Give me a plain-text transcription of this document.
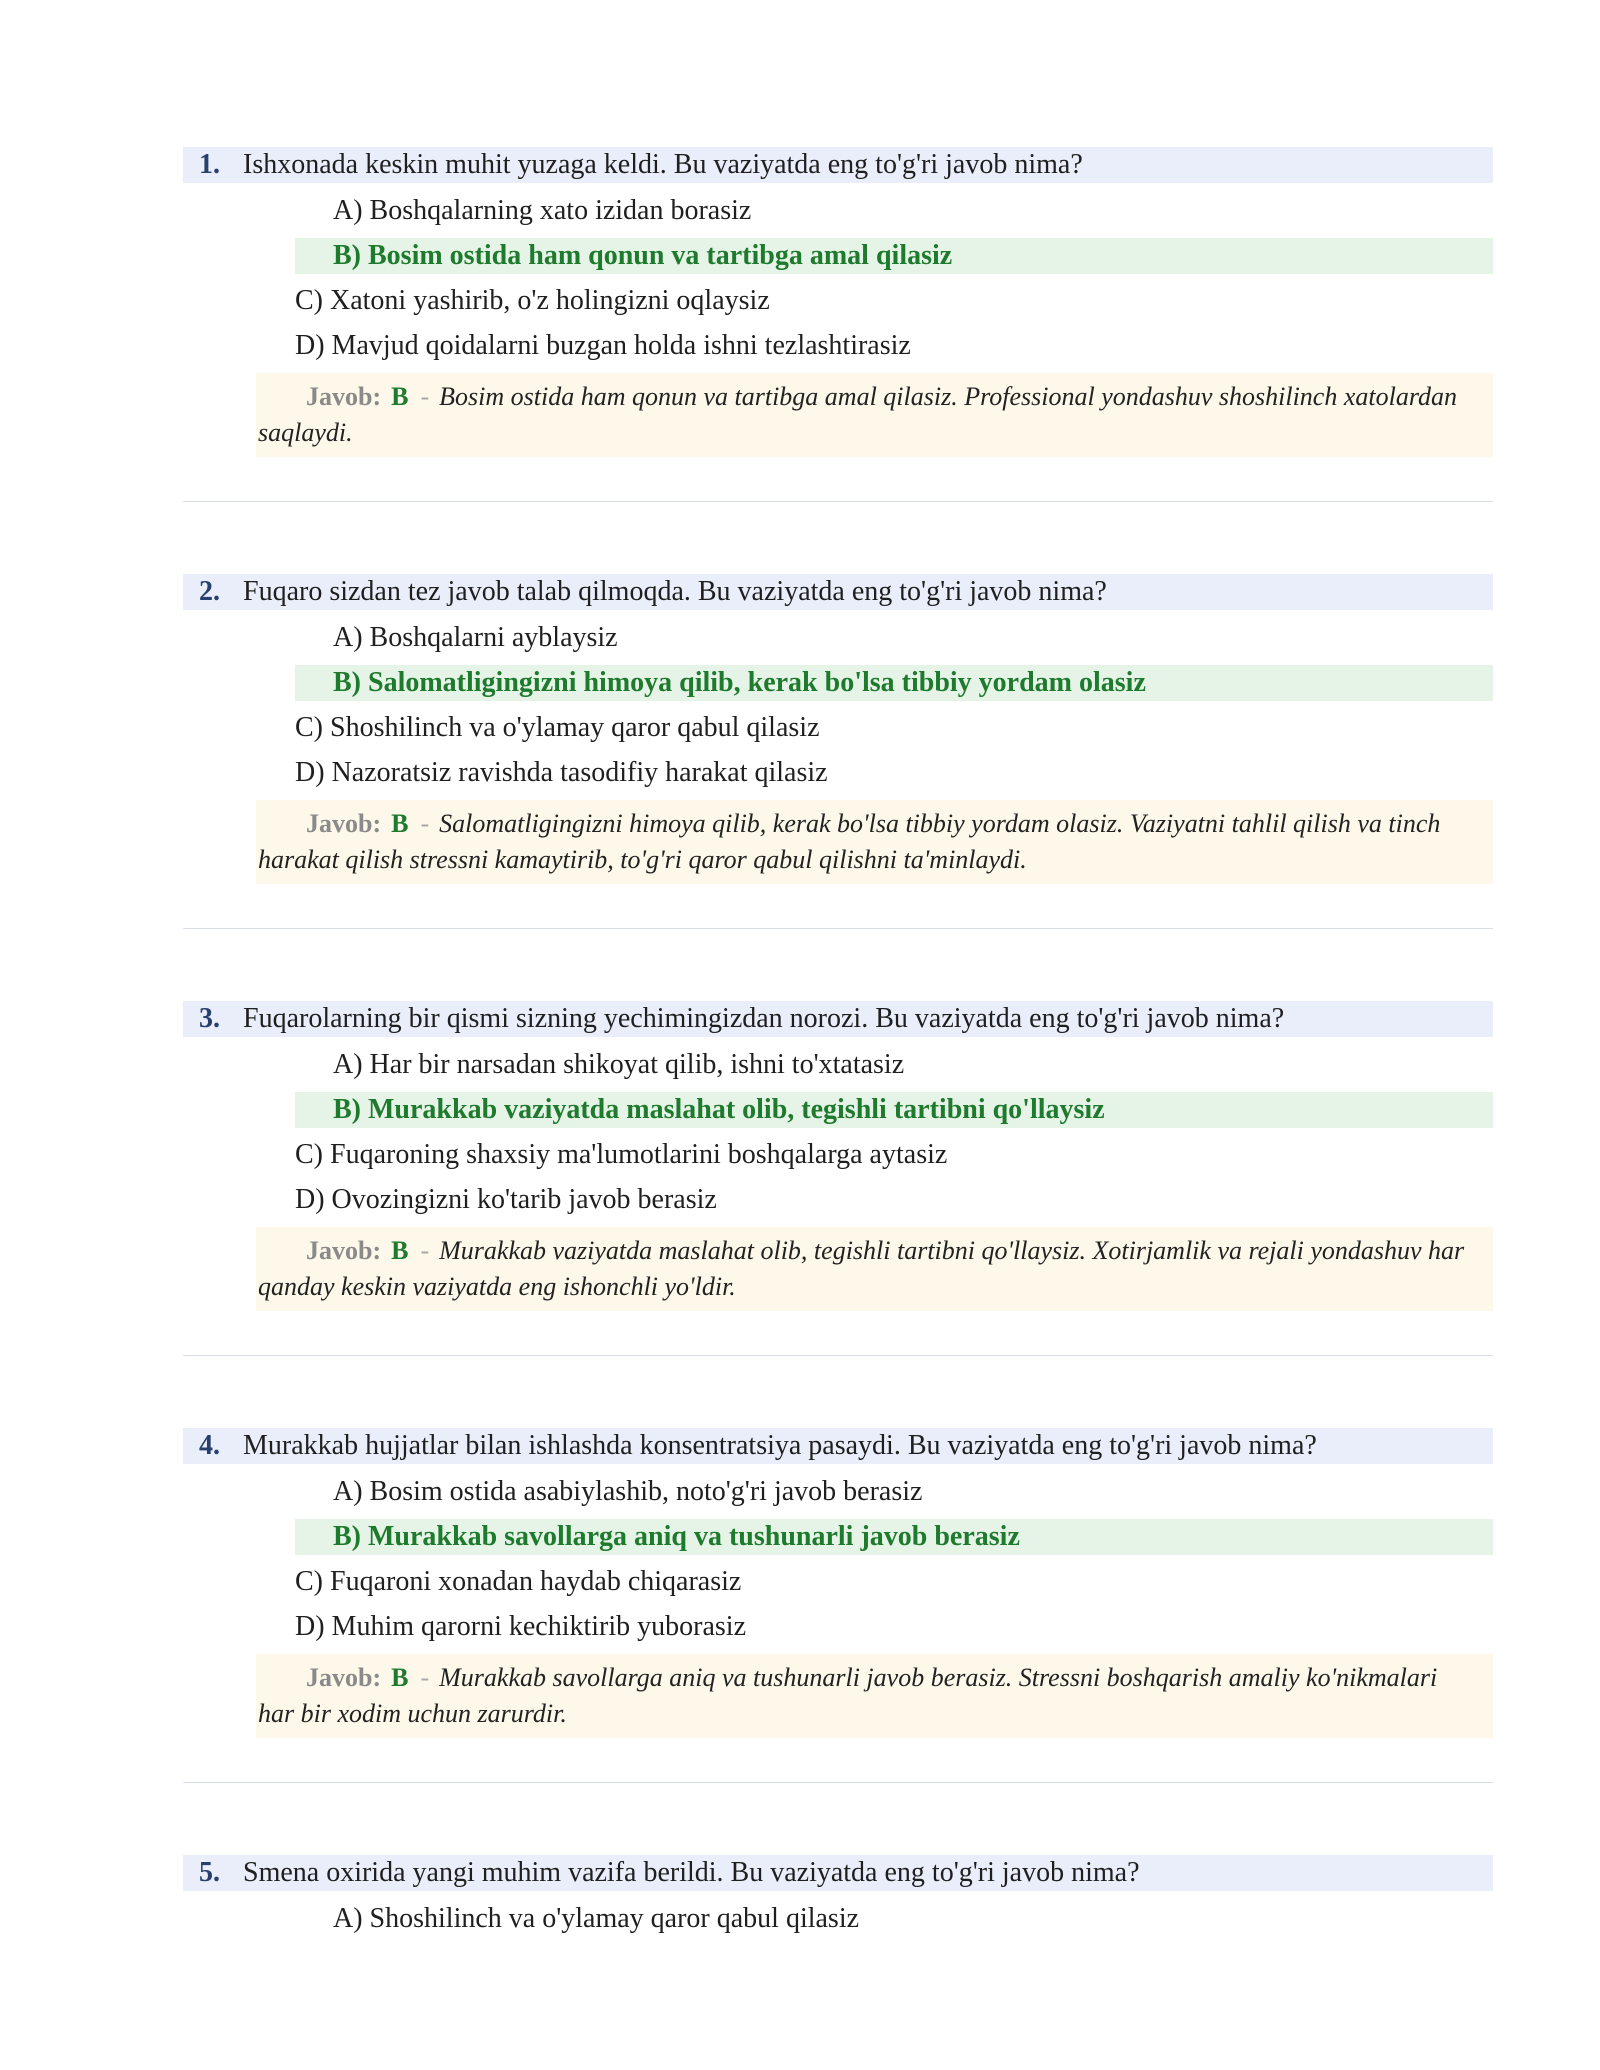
1. Ishxonada keskin muhit yuzaga keldi. Bu vaziyatda eng to'g'ri javob nima?
A) Boshqalarning xato izidan borasiz
B) Bosim ostida ham qonun va tartibga amal qilasiz
C) Xatoni yashirib, o'z holingizni oqlaysiz
D) Mavjud qoidalarni buzgan holda ishni tezlashtirasiz
Javob: B - Bosim ostida ham qonun va tartibga amal qilasiz. Professional yondashuv shoshilinch xatolardan saqlaydi.
2. Fuqaro sizdan tez javob talab qilmoqda. Bu vaziyatda eng to'g'ri javob nima?
A) Boshqalarni ayblaysiz
B) Salomatligingizni himoya qilib, kerak bo'lsa tibbiy yordam olasiz
C) Shoshilinch va o'ylamay qaror qabul qilasiz
D) Nazoratsiz ravishda tasodifiy harakat qilasiz
Javob: B - Salomatligingizni himoya qilib, kerak bo'lsa tibbiy yordam olasiz. Vaziyatni tahlil qilish va tinch harakat qilish stressni kamaytirib, to'g'ri qaror qabul qilishni ta'minlaydi.
3. Fuqarolarning bir qismi sizning yechimingizdan norozi. Bu vaziyatda eng to'g'ri javob nima?
A) Har bir narsadan shikoyat qilib, ishni to'xtatasiz
B) Murakkab vaziyatda maslahat olib, tegishli tartibni qo'llaysiz
C) Fuqaroning shaxsiy ma'lumotlarini boshqalarga aytasiz
D) Ovozingizni ko'tarib javob berasiz
Javob: B - Murakkab vaziyatda maslahat olib, tegishli tartibni qo'llaysiz. Xotirjamlik va rejali yondashuv har qanday keskin vaziyatda eng ishonchli yo'ldir.
4. Murakkab hujjatlar bilan ishlashda konsentratsiya pasaydi. Bu vaziyatda eng to'g'ri javob nima?
A) Bosim ostida asabiylashib, noto'g'ri javob berasiz
B) Murakkab savollarga aniq va tushunarli javob berasiz
C) Fuqaroni xonadan haydab chiqarasiz
D) Muhim qarorni kechiktirib yuborasiz
Javob: B - Murakkab savollarga aniq va tushunarli javob berasiz. Stressni boshqarish amaliy ko'nikmalari har bir xodim uchun zarurdir.
5. Smena oxirida yangi muhim vazifa berildi. Bu vaziyatda eng to'g'ri javob nima?
A) Shoshilinch va o'ylamay qaror qabul qilasiz
